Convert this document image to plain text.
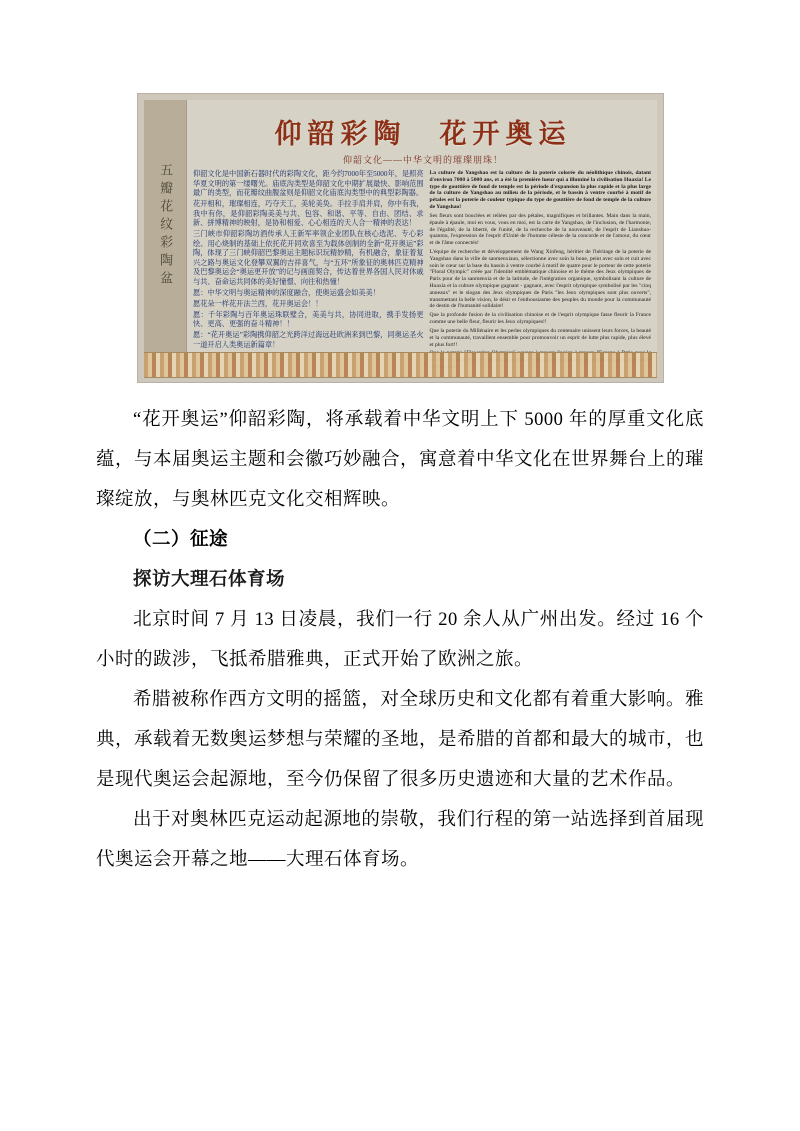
五瓣花纹彩陶盆
仰韶彩陶　花开奥运
仰韶文化——中华文明的璀璨朋珠！

仰韶文化是中国新石器时代的彩陶文化，距今约7000年至5000年，是照亮华夏文明的第一缕曙光。庙底沟类型是仰韶文化中期扩展最快、影响范围最广的类型，而花瓣纹曲腹盆则是仰韶文化庙底沟类型中的典型彩陶器。

花开相和，璀璨相连，巧夺天工，美轮美奂。手拉手肩并肩，你中有我，我中有你，是仰韶彩陶美美与共、包容、和谐、平等、自由、团结、求新、拼博精神的映射，是协和相爱、心心相连的天人合一精神的表达！

三门峡市仰韶彩陶坊酒传承人王新军率领企业团队在核心选泥、专心彩绘、用心烧制的基础上依托花开同欢喜至为载体创制的全新“花开奥运”彩陶，体现了三门峡仰韶巴黎奥运主题标识玩精妙精，有机融合，象征着复兴之路与奥运文化登攀双翼的吉祥喜气，与“五环”所象征的奥林匹克精神及巴黎奥运会“奥运更开放”的记与画面契合，传达着世界各国人民对休戚与共、奋命运共同体的美好憧憬、向往和热憧！

愿：中华文明与奥运精神的深度融合，使奥运盛会如美美！

愿花朵一样花开法兰西，花开奥运会！！

愿：千年彩陶与百年奥运珠联璧合，美美与共，协同进取，携手发扬更快、更高、更强的奋斗精神！！

愿：“花开奥运”彩陶携仰韶之光跨洋过海远赴欧洲来到巴黎，同奥运圣火一道开启人类奥运新篇章！

La culture de Yangshao est la culture de la poterie colorée du néolithique chinois, datant d'environ 7000 à 5000 ans, et a été la première lueur qui a illuminé la civilisation Huaxia! Le type de gouttière de fond de temple est la période d'expansion la plus rapide et la plus large de la culture de Yangshao au milieu de la période, et le bassin à ventre courbé à motif de pétales est la poterie de couleur typique du type de gouttière de fond de temple de la culture de Yangshao!

Ses fleurs sont bouclées et reliées par des pétales, magnifiques et brillantes. Main dans la main, épaule à épaule, moi en vous, vous en moi, est la carte de Yangshao, de l'inclusion, de l'harmonie, de l'égalité, de la liberté, de l'unité, de la recherche de la nouveauté, de l'esprit de Lianshuo-quanmu, l'expression de l'esprit d'Unité de l'homme céleste de la concorde et de l'amour, du cœur et de l'âme connectés!

L'équipe de recherche et développement de Wang Xinfeng, héritier de l'héritage de la poterie de Yangshao dans la ville de sanmenxiaun, sélectionne avec soin la boue, peint avec soin et cuit avec soin le cœur sur la base du bassin à ventre courbé à motif de quatre pour le porteur de cette poterie "Floral Olympic" créée par l'identité emblématique chinoise et le thème des Jeux olympiques de Paris pour de la sanmenxia et de la latitude, de l'intégration organique, symbolisant la culture de Huaxia et la culture olympique gagnant - gagnant, avec l'esprit olympique symbolisé par les "cinq anneaux" et le slogan des Jeux olympiques de Paris "les Jeux olympiques sont plus ouverts", transmettant la belle vision, le désir et l'enthousiasme des peuples du monde pour la communauté de destin de l'humanité solidaire!

Que la profonde fusion de la civilisation chinoise et de l'esprit olympique fasse fleurir la France comme une belle fleur, fleurir les Jeux olympiques!!

Que la poterie du Millénaire et les perles olympiques du centenaire unissent leurs forces, la beauté et la communauté, travaillent ensemble pour promouvoir un esprit de lutte plus rapide, plus élevé et plus fort!!

“花开奥运”仰韶彩陶，将承载着中华文明上下 5000 年的厚重文化底蕴，与本届奥运主题和会徽巧妙融合，寓意着中华文化在世界舞台上的璀璨绽放，与奥林匹克文化交相辉映。

（二）征途

探访大理石体育场

北京时间 7 月 13 日凌晨，我们一行 20 余人从广州出发。经过 16 个小时的跋涉，飞抵希腊雅典，正式开始了欧洲之旅。

希腊被称作西方文明的摇篮，对全球历史和文化都有着重大影响。雅典，承载着无数奥运梦想与荣耀的圣地，是希腊的首都和最大的城市，也是现代奥运会起源地，至今仍保留了很多历史遗迹和大量的艺术作品。

出于对奥林匹克运动起源地的崇敬，我们行程的第一站选择到首届现代奥运会开幕之地——大理石体育场。
